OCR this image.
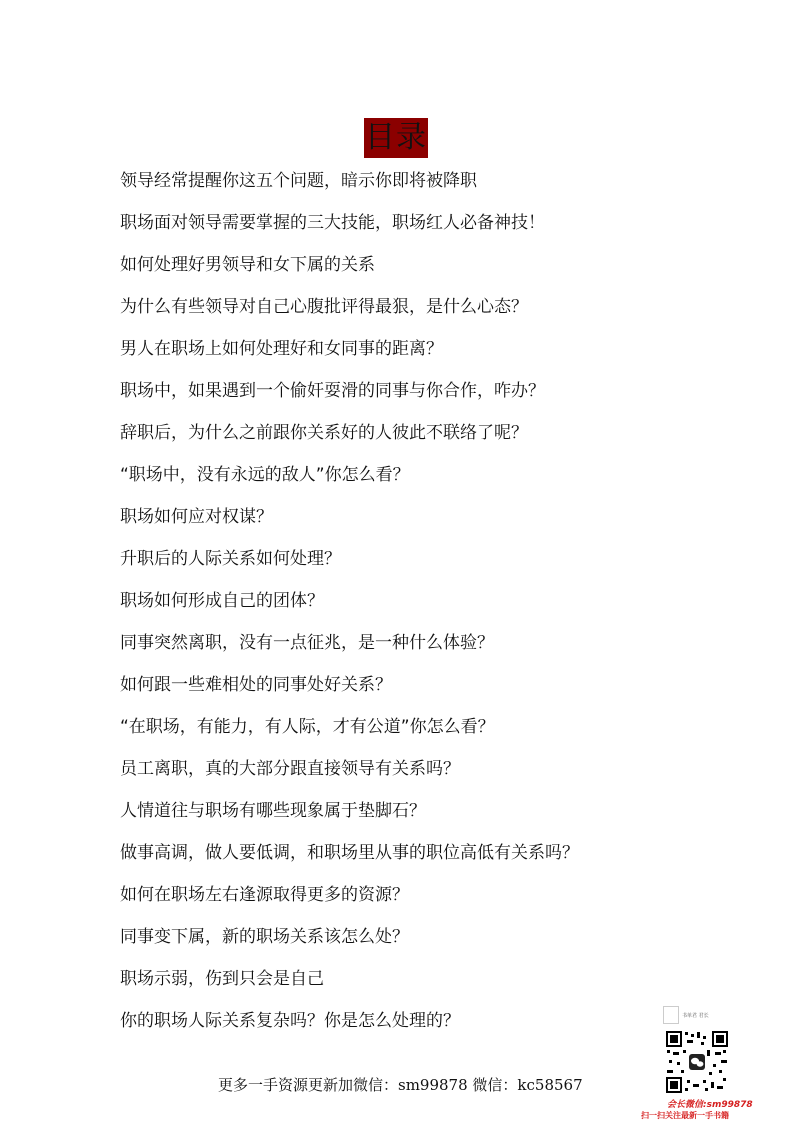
目录
领导经常提醒你这五个问题，暗示你即将被降职
职场面对领导需要掌握的三大技能，职场红人必备神技！
如何处理好男领导和女下属的关系
为什么有些领导对自己心腹批评得最狠，是什么心态？
男人在职场上如何处理好和女同事的距离？
职场中，如果遇到一个偷奸耍滑的同事与你合作，咋办？
辞职后，为什么之前跟你关系好的人彼此不联络了呢？
“职场中，没有永远的敌人”你怎么看？
职场如何应对权谋？
升职后的人际关系如何处理？
职场如何形成自己的团体？
同事突然离职，没有一点征兆，是一种什么体验？
如何跟一些难相处的同事处好关系？
“在职场，有能力，有人际，才有公道”你怎么看？
员工离职，真的大部分跟直接领导有关系吗？
人情道往与职场有哪些现象属于垫脚石？
做事高调，做人要低调，和职场里从事的职位高低有关系吗？
如何在职场左右逢源取得更多的资源？
同事变下属，新的职场关系该怎么处？
职场示弱，伤到只会是自己
你的职场人际关系复杂吗？你是怎么处理的？
更多一手资源更新加微信：sm99878 微信：kc58567
书单君 君长
会长微信:sm99878
扫一扫关注最新一手书籍
